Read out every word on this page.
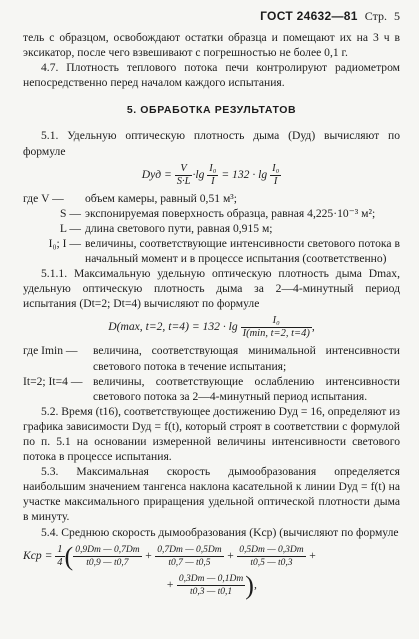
ГОСТ 24632—81 Стр. 5

тель с образцом, освобождают остатки образца и помещают их на 3 ч в эксикатор, после чего взвешивают с погрешностью не более 0,1 г.

4.7. Плотность теплового потока печи контролируют радиометром непосредственно перед началом каждого испытания.

5. ОБРАБОТКА РЕЗУЛЬТАТОВ

5.1. Удельную оптическую плотность дыма (Dуд) вычисляют по формуле

Dуд = $\frac{V}{S\cdot L} \cdot\lg \frac{\text{I₀}}{I} = 132 \cdot \lg \frac{\text{I₀}}{I}$
где V —	объем камеры, равный 0,51 м³;
S — экспонируемая поверхность образца, равная 4,225·10⁻³ м²;
L — длина светового пути, равная 0,915 м;
I₀; I — величины, соответствующие интенсивности светового потока в начальный момент и в процессе испытания (соответственно)

5.1.1. Максимальную удельную оптическую плотность дыма Dmax, удельную оптическую плотность дыма за 2—4-минутный период испытания (Dt=2; Dt=4) вычисляют по формуле

D(max, t=2, $t=4) = 132 \cdot \lg \frac{\text{I₀}}{I(\min, t=2, t=4)}$ ,
где Imin —	величина, соответствующая минимальной интенсивности светового потока в течение испытания;
It=2; It=4 — величины, соответствующие ослаблению интенсивности светового потока за 2—4-минутный период испытания.

5.2. Время (t16), соответствующее достижению Dуд = 16, определяют из графика зависимости Dуд = f(t), который строят в соответствии с формулой по п. 5.1 на основании измеренной величины интенсивности светового потока в процессе испытания.

5.3. Максимальная скорость дымообразования определяется наибольшим значением тангенса наклона касательной к линии Dуд = f(t) на участке максимального приращения удельной оптической плотности дыма в минуту.

5.4. Среднюю скорость дымообразования (Kср) (вычисляют по формуле

Kср = $\frac{1}{4}$ ( $\frac{0,9Dm — 0,7Dm}{t0,9 — t0,7} + \frac{0,7Dm — 0,5Dm}{t0,7 — t0,5} + \frac{0,5Dm — 0,3Dm}{t0,5 — t0,3}$ +
+ $\frac{0,3Dm — 0,1Dm}{t0,3 — t0,1}$ ),
